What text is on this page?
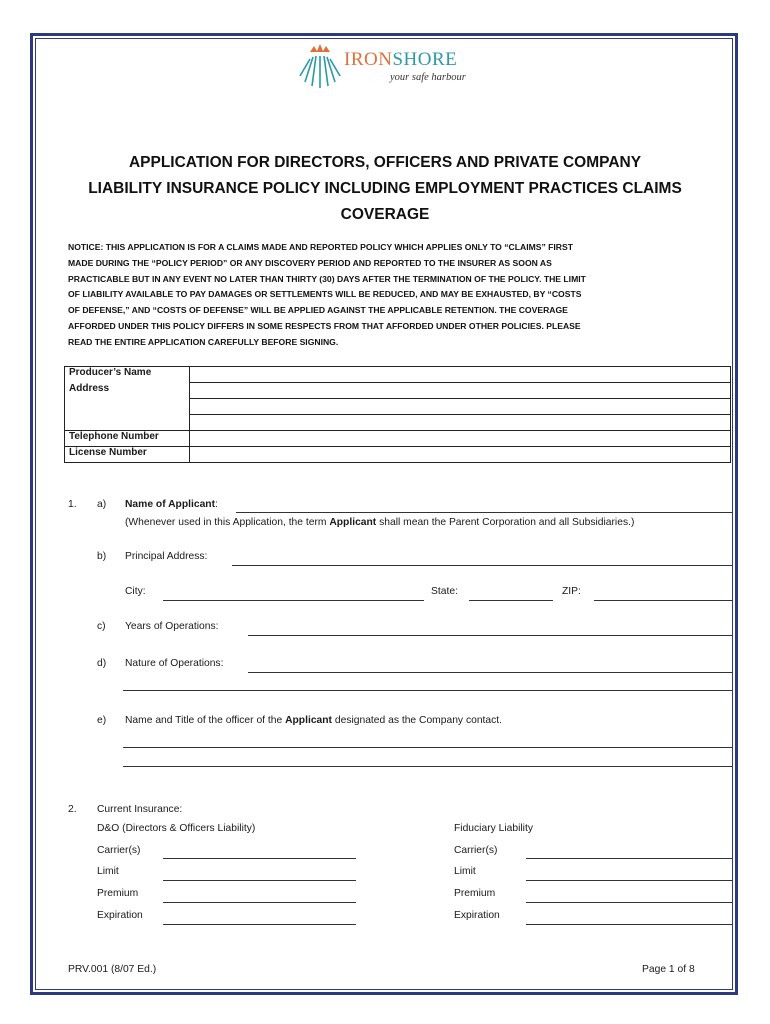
IRONSHORE
your safe harbour
APPLICATION FOR DIRECTORS, OFFICERS AND PRIVATE COMPANY
LIABILITY INSURANCE POLICY INCLUDING EMPLOYMENT PRACTICES CLAIMS
COVERAGE
NOTICE: THIS APPLICATION IS FOR A CLAIMS MADE AND REPORTED POLICY WHICH APPLIES ONLY TO “CLAIMS” FIRST
MADE DURING THE “POLICY PERIOD” OR ANY DISCOVERY PERIOD AND REPORTED TO THE INSURER AS SOON AS
PRACTICABLE BUT IN ANY EVENT NO LATER THAN THIRTY (30) DAYS AFTER THE TERMINATION OF THE POLICY. THE LIMIT
OF LIABILITY AVAILABLE TO PAY DAMAGES OR SETTLEMENTS WILL BE REDUCED, AND MAY BE EXHAUSTED, BY “COSTS
OF DEFENSE,” AND “COSTS OF DEFENSE” WILL BE APPLIED AGAINST THE APPLICABLE RETENTION. THE COVERAGE
AFFORDED UNDER THIS POLICY DIFFERS IN SOME RESPECTS FROM THAT AFFORDED UNDER OTHER POLICIES. PLEASE
READ THE ENTIRE APPLICATION CAREFULLY BEFORE SIGNING.
Producer’s Name	
Address	

Telephone Number	
License Number	
1. a) Name of Applicant:
(Whenever used in this Application, the term Applicant shall mean the Parent Corporation and all Subsidiaries.)
b) Principal Address:
City:	State:	ZIP:
c) Years of Operations:
d) Nature of Operations:
e) Name and Title of the officer of the Applicant designated as the Company contact.
2. Current Insurance:
D&O (Directors & Officers Liability)	Fiduciary Liability
Carrier(s)	Carrier(s)
Limit	Limit
Premium	Premium
Expiration	Expiration
PRV.001 (8/07 Ed.)	Page 1 of 8
